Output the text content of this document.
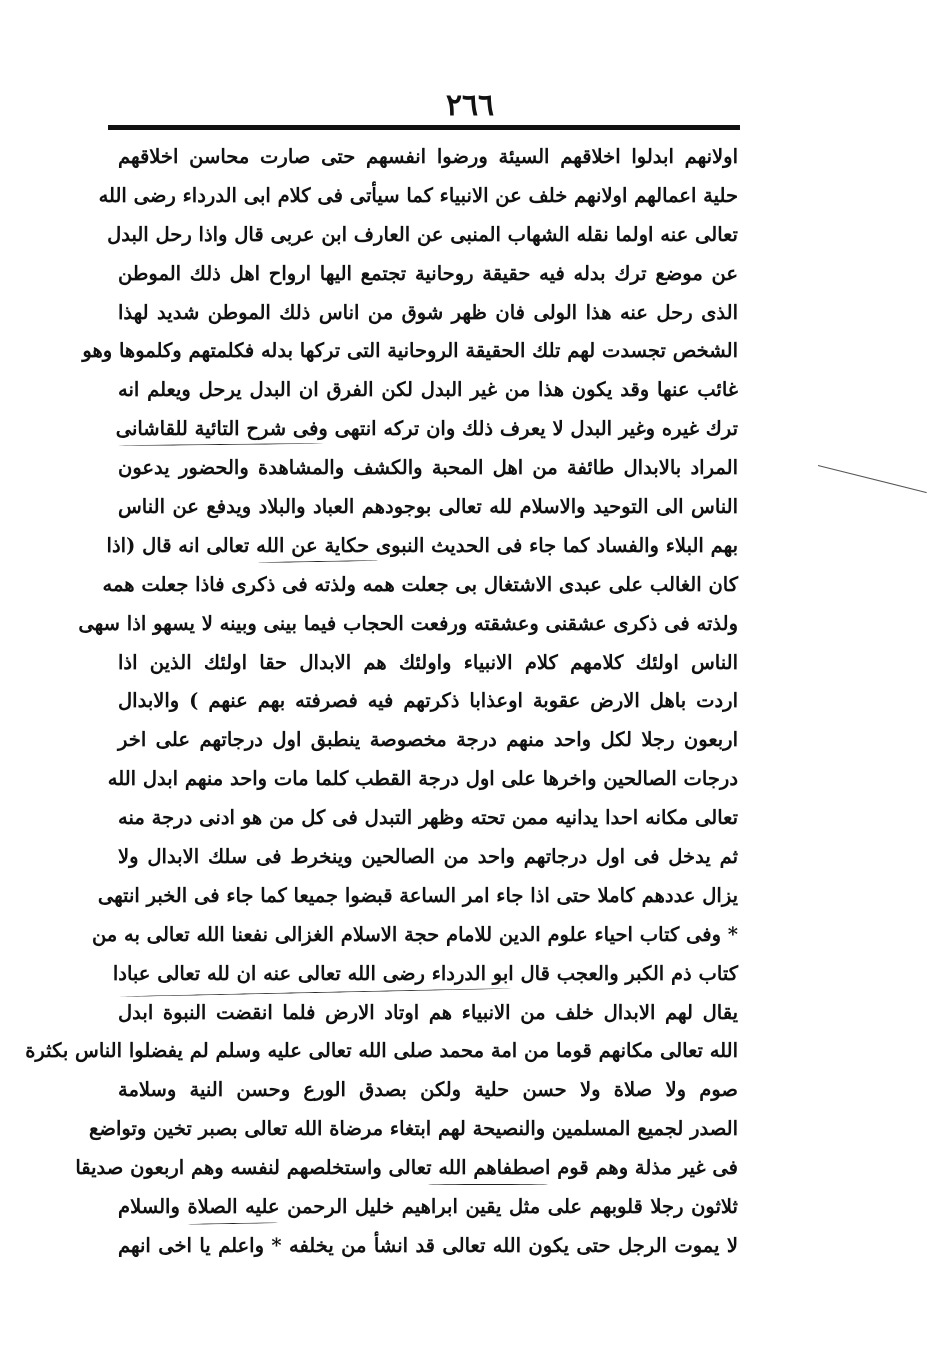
٢٦٦
اولانهم ابدلوا اخلاقهم السيئة ورضوا انفسهم حتى صارت محاسن اخلاقهم
حلية اعمالهم اولانهم خلف عن الانبياء كما سيأتى فى كلام ابى الدرداء رضى الله
تعالى عنه اولما نقله الشهاب المنبى عن العارف ابن عربى قال واذا رحل البدل
عن موضع ترك بدله فيه حقيقة روحانية تجتمع اليها ارواح اهل ذلك الموطن
الذى رحل عنه هذا الولى فان ظهر شوق من اناس ذلك الموطن شديد لهذا
الشخص تجسدت لهم تلك الحقيقة الروحانية التى تركها بدله فكلمتهم وكلموها وهو
غائب عنها وقد يكون هذا من غير البدل لكن الفرق ان البدل يرحل ويعلم انه
ترك غيره وغير البدل لا يعرف ذلك وان تركه انتهى وفى شرح التائية للقاشانى
المراد بالابدال طائفة من اهل المحبة والكشف والمشاهدة والحضور يدعون
الناس الى التوحيد والاسلام لله تعالى بوجودهم العباد والبلاد ويدفع عن الناس
بهم البلاء والفساد كما جاء فى الحديث النبوى حكاية عن الله تعالى انه قال (اذا
كان الغالب على عبدى الاشتغال بى جعلت همه ولذته فى ذكرى فاذا جعلت همه
ولذته فى ذكرى عشقنى وعشقته ورفعت الحجاب فيما بينى وبينه لا يسهو اذا سهى
الناس اولئك كلامهم كلام الانبياء واولئك هم الابدال حقا اولئك الذين اذا
اردت باهل الارض عقوبة اوعذابا ذكرتهم فيه فصرفته بهم عنهم ) والابدال
اربعون رجلا لكل واحد منهم درجة مخصوصة ينطبق اول درجاتهم على اخر
درجات الصالحين واخرها على اول درجة القطب كلما مات واحد منهم ابدل الله
تعالى مكانه احدا يدانيه ممن تحته وظهر التبدل فى كل من هو ادنى درجة منه
ثم يدخل فى اول درجاتهم واحد من الصالحين وينخرط فى سلك الابدال ولا
يزال عددهم كاملا حتى اذا جاء امر الساعة قبضوا جميعا كما جاء فى الخبر انتهى
* وفى كتاب احياء علوم الدين للامام حجة الاسلام الغزالى نفعنا الله تعالى به من
كتاب ذم الكبر والعجب قال ابو الدرداء رضى الله تعالى عنه ان لله تعالى عبادا
يقال لهم الابدال خلف من الانبياء هم اوتاد الارض فلما انقضت النبوة ابدل
الله تعالى مكانهم قوما من امة محمد صلى الله تعالى عليه وسلم لم يفضلوا الناس بكثرة
صوم ولا صلاة ولا حسن حلية ولكن بصدق الورع وحسن النية وسلامة
الصدر لجميع المسلمين والنصيحة لهم ابتغاء مرضاة الله تعالى بصبر تخين وتواضع
فى غير مذلة وهم قوم اصطفاهم الله تعالى واستخلصهم لنفسه وهم اربعون صديقا
ثلاثون رجلا قلوبهم على مثل يقين ابراهيم خليل الرحمن عليه الصلاة والسلام
لا يموت الرجل حتى يكون الله تعالى قد انشأ من يخلفه * واعلم يا اخى انهم
